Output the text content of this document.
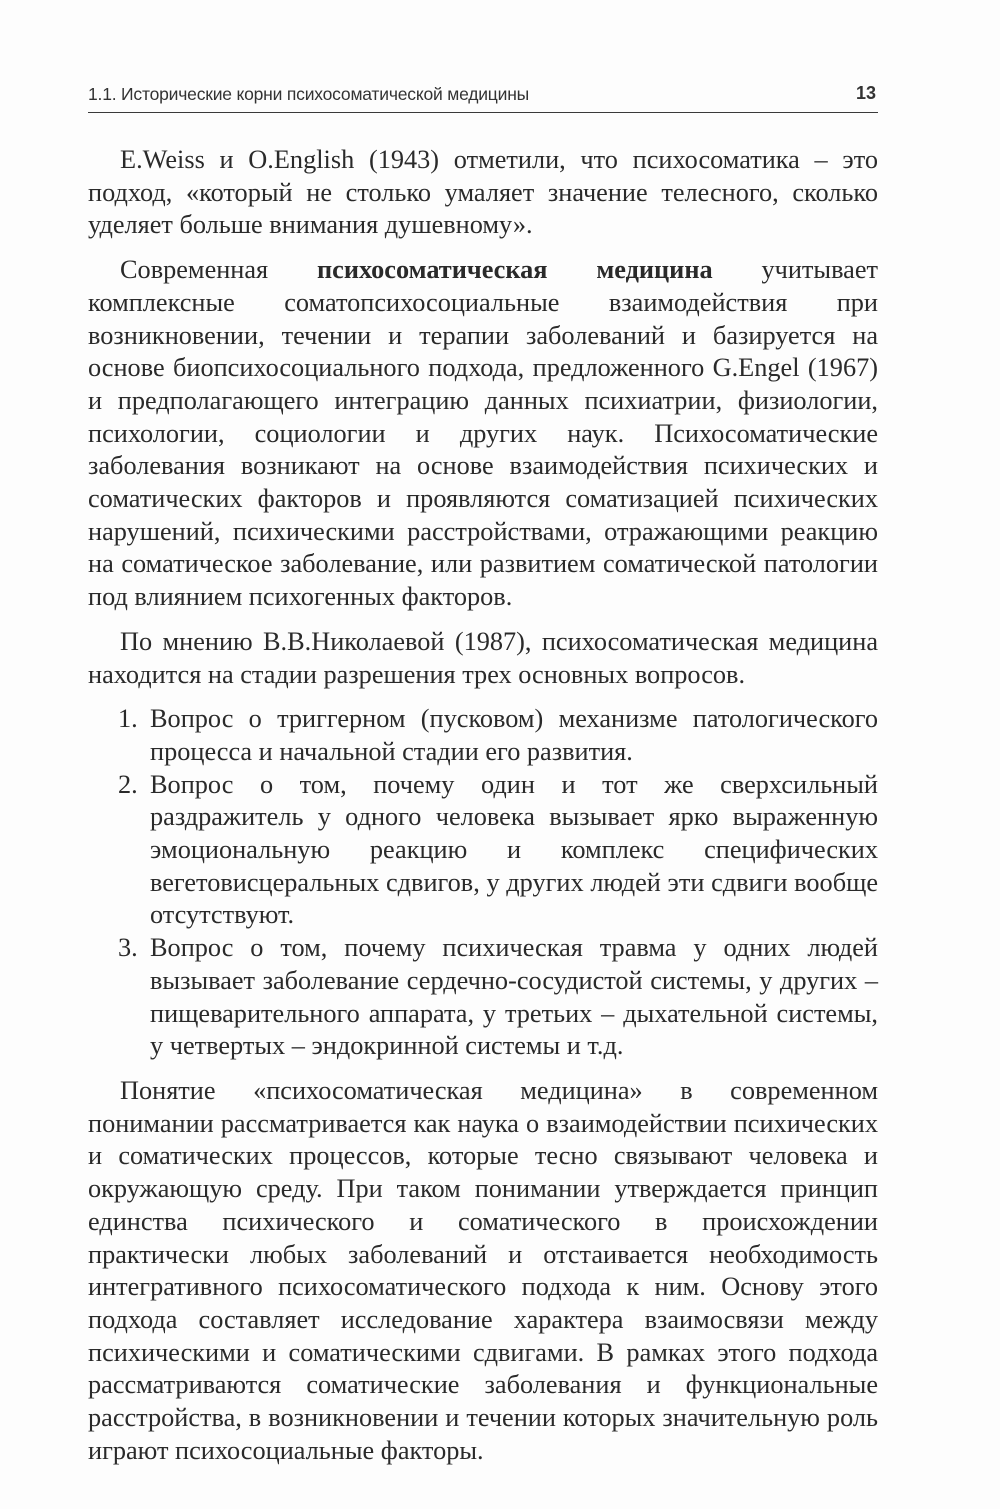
1.1. Исторические корни психосоматической медицины	13

E.Weiss и O.English (1943) отметили, что психосоматика – это подход, «который не столько умаляет значение телесного, сколько уделяет больше внимания душевному».

Современная психосоматическая медицина учитывает комплексные соматопсихосоциальные взаимодействия при возникновении, течении и терапии заболеваний и базируется на основе биопсихосоциального подхода, предложенного G.Engel (1967) и предполагающего интеграцию данных психиатрии, физиологии, психологии, социологии и других наук. Психосоматические заболевания возникают на основе взаимодействия психических и соматических факторов и проявляются соматизацией психических нарушений, психическими расстройствами, отражающими реакцию на соматическое заболевание, или развитием соматической патологии под влиянием психогенных факторов.

По мнению В.В.Николаевой (1987), психосоматическая медицина находится на стадии разрешения трех основных вопросов.

1. Вопрос о триггерном (пусковом) механизме патологического процесса и начальной стадии его развития.
2. Вопрос о том, почему один и тот же сверхсильный раздражитель у одного человека вызывает ярко выраженную эмоциональную реакцию и комплекс специфических вегетовисцеральных сдвигов, у других людей эти сдвиги вообще отсутствуют.
3. Вопрос о том, почему психическая травма у одних людей вызывает заболевание сердечно-сосудистой системы, у других – пищеварительного аппарата, у третьих – дыхательной системы, у четвертых – эндокринной системы и т.д.

Понятие «психосоматическая медицина» в современном понимании рассматривается как наука о взаимодействии психических и соматических процессов, которые тесно связывают человека и окружающую среду. При таком понимании утверждается принцип единства психического и соматического в происхождении практически любых заболеваний и отстаивается необходимость интегративного психосоматического подхода к ним. Основу этого подхода составляет исследование характера взаимосвязи между психическими и соматическими сдвигами. В рамках этого подхода рассматриваются соматические заболевания и функциональные расстройства, в возникновении и течении которых значительную роль играют психосоциальные факторы.
